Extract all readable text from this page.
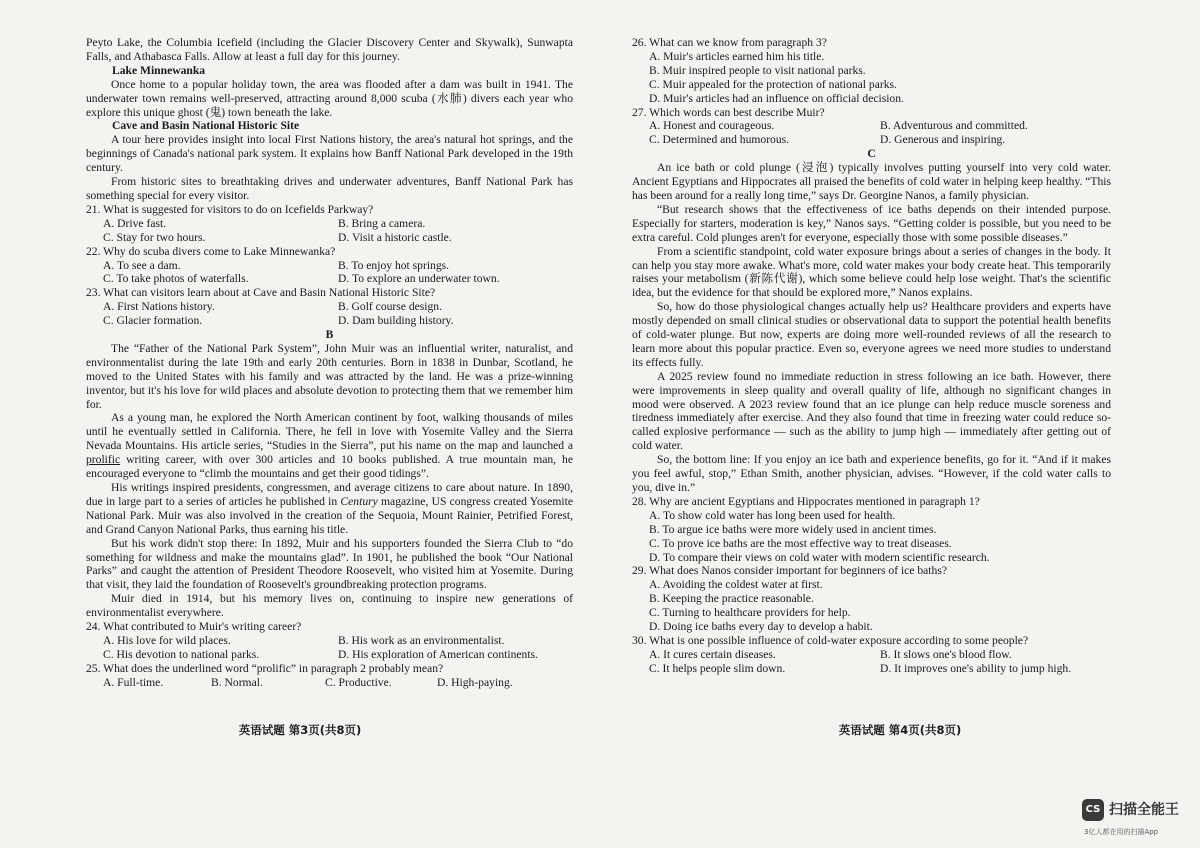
Peyto Lake, the Columbia Icefield (including the Glacier Discovery Center and Skywalk), Sunwapta Falls, and Athabasca Falls. Allow at least a full day for this journey.

Lake Minnewanka

Once home to a popular holiday town, the area was flooded after a dam was built in 1941. The underwater town remains well-preserved, attracting around 8,000 scuba (水肺) divers each year who explore this unique ghost (鬼) town beneath the lake.

Cave and Basin National Historic Site

A tour here provides insight into local First Nations history, the area's natural hot springs, and the beginnings of Canada's national park system. It explains how Banff National Park developed in the 19th century.

From historic sites to breathtaking drives and underwater adventures, Banff National Park has something special for every visitor.

21. What is suggested for visitors to do on Icefields Parkway?

A. Drive fast.	B. Bring a camera.
C. Stay for two hours.	D. Visit a historic castle.

22. Why do scuba divers come to Lake Minnewanka?

A. To see a dam.	B. To enjoy hot springs.
C. To take photos of waterfalls.	D. To explore an underwater town.

23. What can visitors learn about at Cave and Basin National Historic Site?

A. First Nations history.	B. Golf course design.
C. Glacier formation.	D. Dam building history.

B

The “Father of the National Park System”, John Muir was an influential writer, naturalist, and environmentalist during the late 19th and early 20th centuries. Born in 1838 in Dunbar, Scotland, he moved to the United States with his family and was attracted by the land. He was a prize-winning inventor, but it's his love for wild places and absolute devotion to protecting them that we remember him for.

As a young man, he explored the North American continent by foot, walking thousands of miles until he eventually settled in California. There, he fell in love with Yosemite Valley and the Sierra Nevada Mountains. His article series, “Studies in the Sierra”, put his name on the map and launched a prolific writing career, with over 300 articles and 10 books published. A true mountain man, he encouraged everyone to “climb the mountains and get their good tidings”.

His writings inspired presidents, congressmen, and average citizens to care about nature. In 1890, due in large part to a series of articles he published in Century magazine, US congress created Yosemite National Park. Muir was also involved in the creation of the Sequoia, Mount Rainier, Petrified Forest, and Grand Canyon National Parks, thus earning his title.

But his work didn't stop there: In 1892, Muir and his supporters founded the Sierra Club to “do something for wildness and make the mountains glad”. In 1901, he published the book “Our National Parks” and caught the attention of President Theodore Roosevelt, who visited him at Yosemite. During that visit, they laid the foundation of Roosevelt's groundbreaking protection programs.

Muir died in 1914, but his memory lives on, continuing to inspire new generations of environmentalist everywhere.

24. What contributed to Muir's writing career?

A. His love for wild places.	B. His work as an environmentalist.
C. His devotion to national parks.	D. His exploration of American continents.

25. What does the underlined word “prolific” in paragraph 2 probably mean?

A. Full-time.	B. Normal.	C. Productive.	D. High-paying.
英语试题 第3页(共8页)

26. What can we know from paragraph 3?

A. Muir's articles earned him his title.
B. Muir inspired people to visit national parks.
C. Muir appealed for the protection of national parks.
D. Muir's articles had an influence on official decision.

27. Which words can best describe Muir?

A. Honest and courageous.	B. Adventurous and committed.
C. Determined and humorous.	D. Generous and inspiring.

C

An ice bath or cold plunge (浸泡) typically involves putting yourself into very cold water. Ancient Egyptians and Hippocrates all praised the benefits of cold water in helping keep healthy. “This has been around for a really long time,” says Dr. Georgine Nanos, a family physician.

“But research shows that the effectiveness of ice baths depends on their intended purpose. Especially for starters, moderation is key,” Nanos says. “Getting colder is possible, but you need to be extra careful. Cold plunges aren't for everyone, especially those with some possible diseases.”

From a scientific standpoint, cold water exposure brings about a series of changes in the body. It can help you stay more awake. What's more, cold water makes your body create heat. This temporarily raises your metabolism (新陈代谢), which some believe could help lose weight. That's the scientific idea, but the evidence for that should be explored more,” Nanos explains.

So, how do those physiological changes actually help us? Healthcare providers and experts have mostly depended on small clinical studies or observational data to support the potential health benefits of cold-water plunge. But now, experts are doing more well-rounded reviews of all the research to learn more about this popular practice. Even so, everyone agrees we need more studies to understand its effects fully.

A 2025 review found no immediate reduction in stress following an ice bath. However, there were improvements in sleep quality and overall quality of life, although no significant changes in mood were observed. A 2023 review found that an ice plunge can help reduce muscle soreness and tiredness immediately after exercise. And they also found that time in freezing water could reduce so-called explosive performance — such as the ability to jump high — immediately after getting out of cold water.

So, the bottom line: If you enjoy an ice bath and experience benefits, go for it. “And if it makes you feel awful, stop,” Ethan Smith, another physician, advises. “However, if the cold water calls to you, dive in.”

28. Why are ancient Egyptians and Hippocrates mentioned in paragraph 1?

A. To show cold water has long been used for health.
B. To argue ice baths were more widely used in ancient times.
C. To prove ice baths are the most effective way to treat diseases.
D. To compare their views on cold water with modern scientific research.

29. What does Nanos consider important for beginners of ice baths?

A. Avoiding the coldest water at first.
B. Keeping the practice reasonable.
C. Turning to healthcare providers for help.
D. Doing ice baths every day to develop a habit.

30. What is one possible influence of cold-water exposure according to some people?

A. It cures certain diseases.	B. It slows one's blood flow.
C. It helps people slim down.	D. It improves one's ability to jump high.
英语试题 第4页(共8页)
CS 扫描全能王
3亿人都在用的扫描App
